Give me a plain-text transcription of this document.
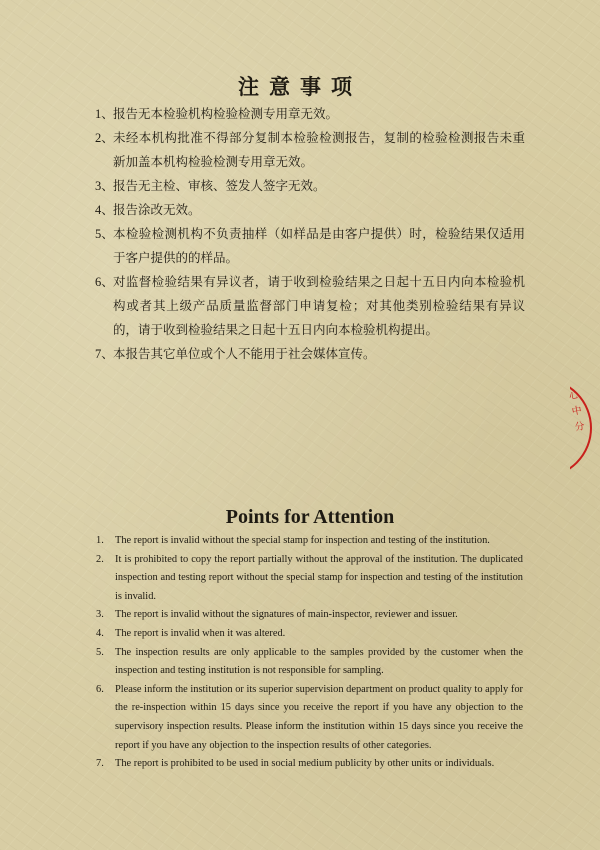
注意事项
1、 报告无本检验机构检验检测专用章无效。
2、 未经本机构批准不得部分复制本检验检测报告，复制的检验检测报告未重新加盖本机构检验检测专用章无效。
3、 报告无主检、审核、签发人签字无效。
4、 报告涂改无效。
5、 本检验检测机构不负责抽样（如样品是由客户提供）时，检验结果仅适用于客户提供的的样品。
6、 对监督检验结果有异议者，请于收到检验结果之日起十五日内向本检验机构或者其上级产品质量监督部门申请复检；对其他类别检验结果有异议的，请于收到检验结果之日起十五日内向本检验机构提出。
7、 本报告其它单位或个人不能用于社会媒体宣传。
心中分
Points for Attention
1.	The report is invalid without the special stamp for inspection and testing of the institution.
2.	It is prohibited to copy the report partially without the approval of the institution. The duplicated inspection and testing report without the special stamp for inspection and testing of the institution is invalid.
3.	The report is invalid without the signatures of main-inspector, reviewer and issuer.
4.	The report is invalid when it was altered.
5.	The inspection results are only applicable to the samples provided by the customer when the inspection and testing institution is not responsible for sampling.
6.	Please inform the institution or its superior supervision department on product quality to apply for the re-inspection within 15 days since you receive the report if you have any objection to the supervisory inspection results. Please inform the institution within 15 days since you receive the report if you have any objection to the inspection results of other categories.
7.	The report is prohibited to be used in social medium publicity by other units or individuals.
